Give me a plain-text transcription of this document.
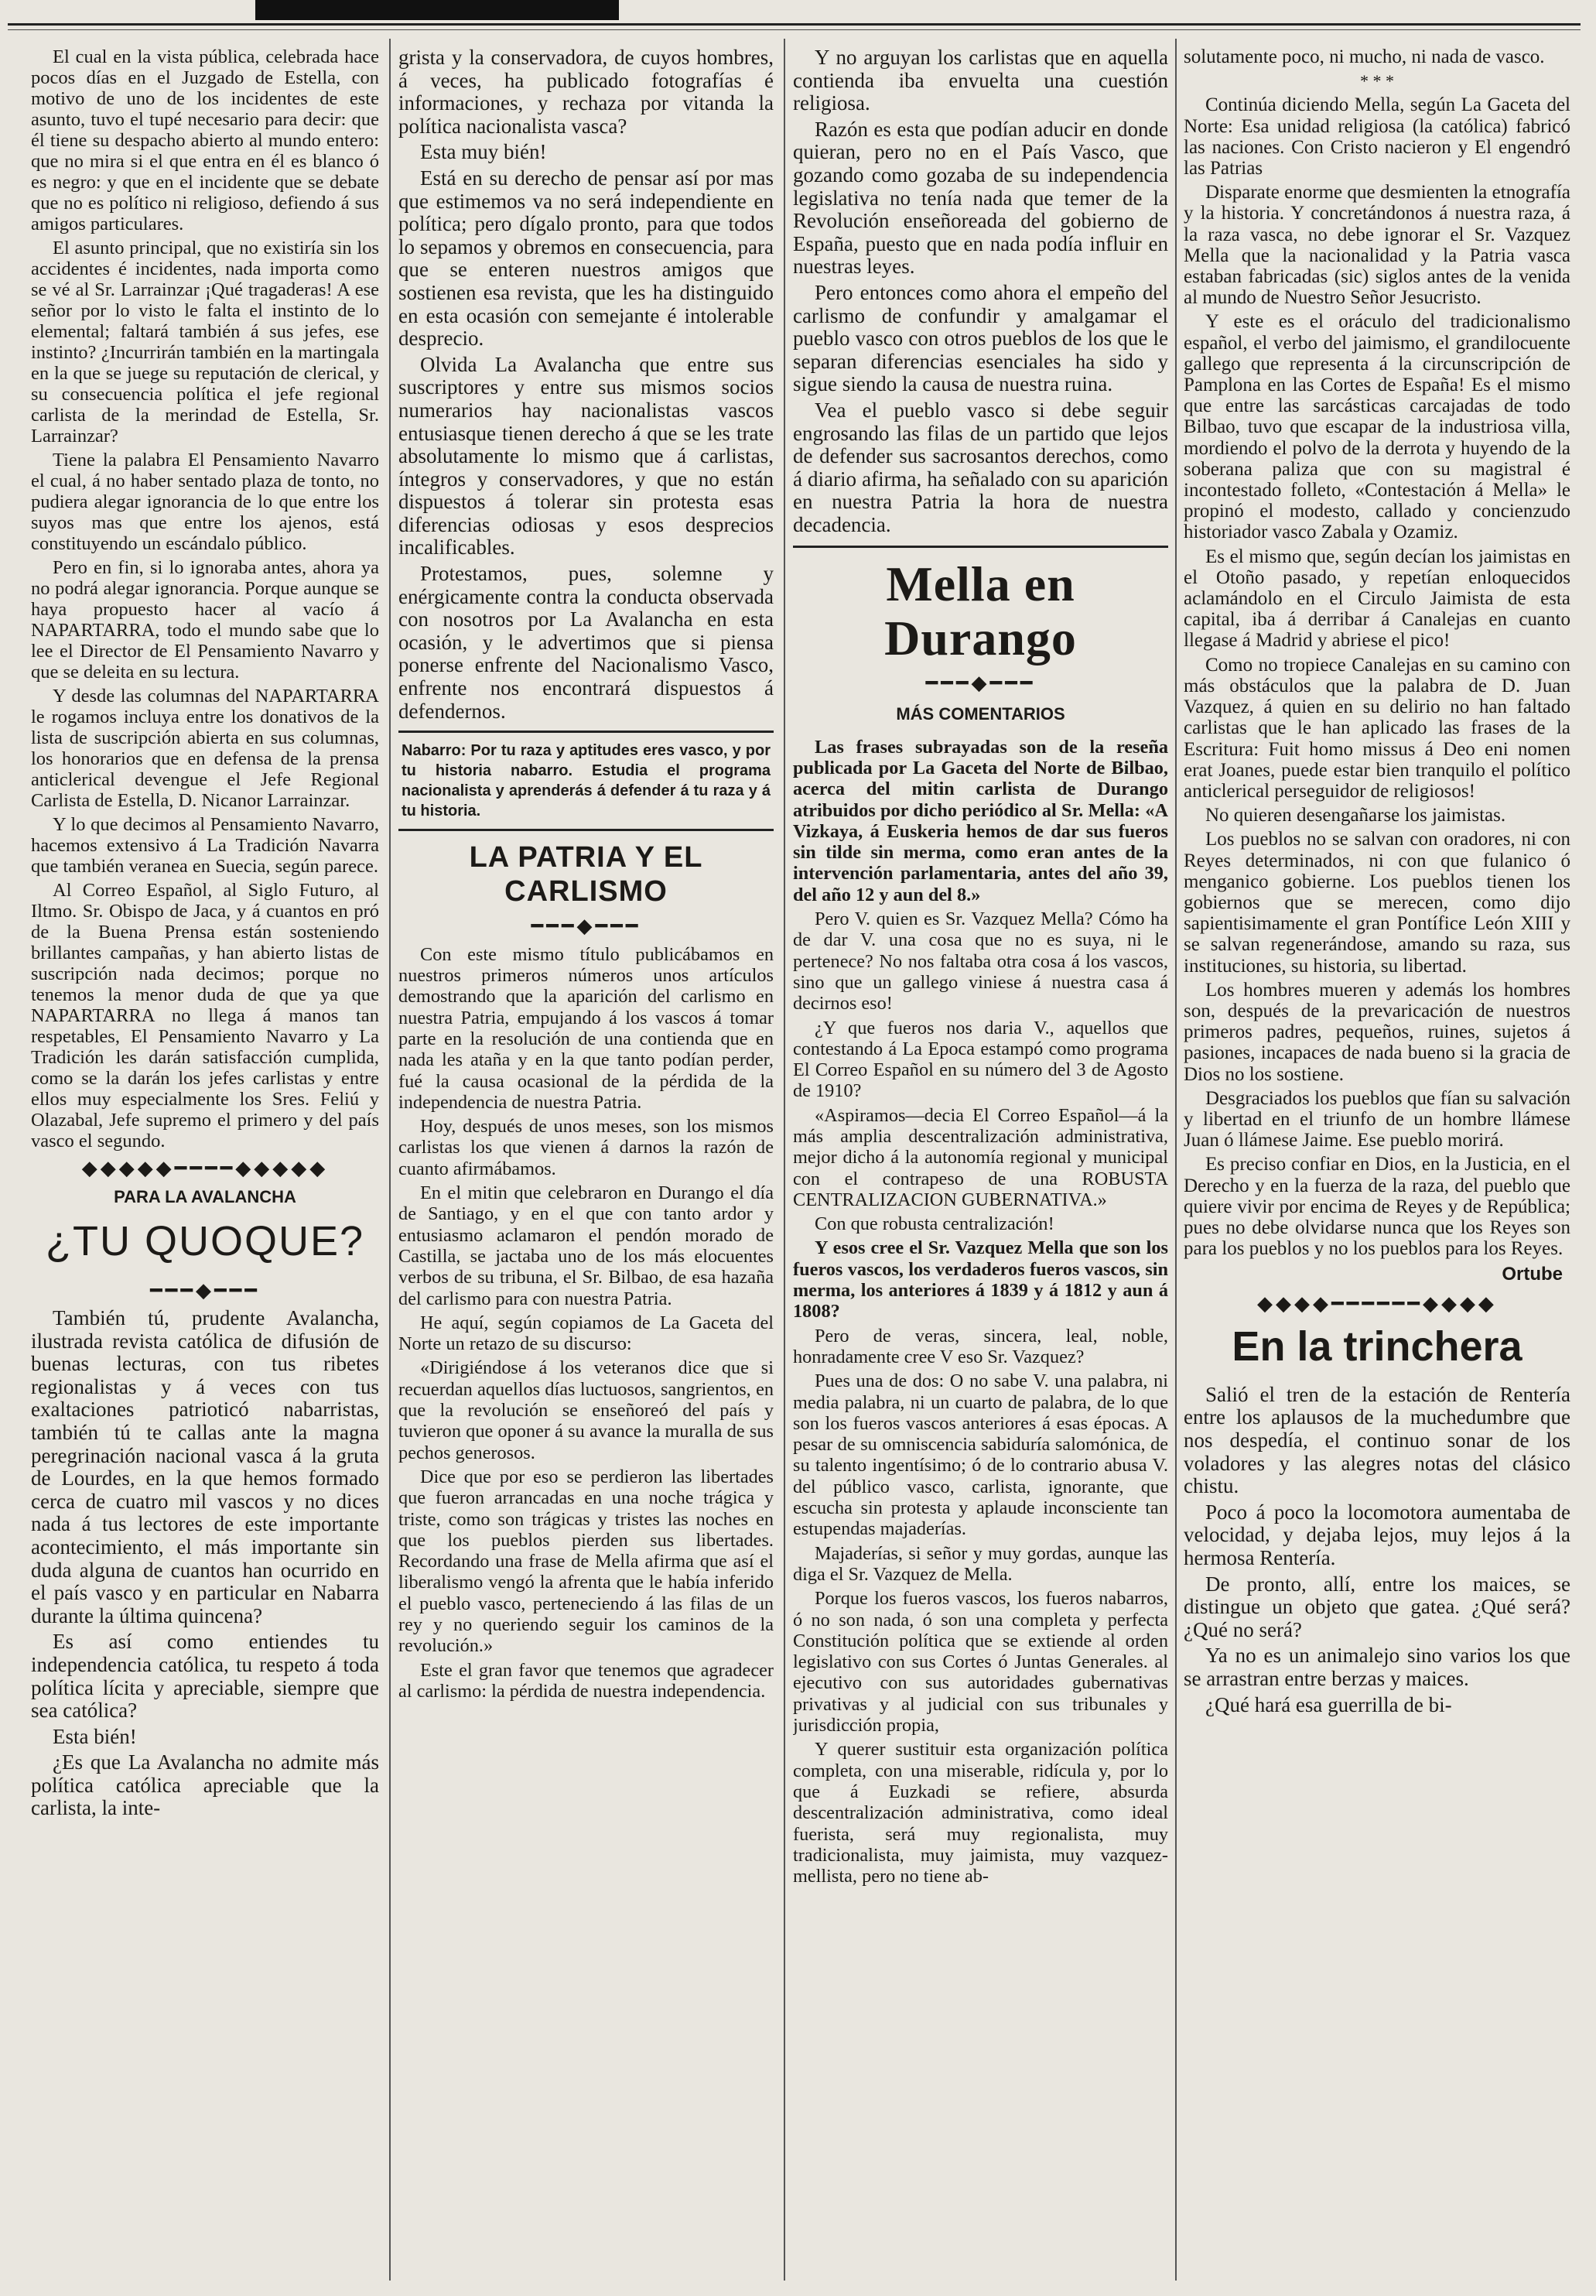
El cual en la vista pública, celebrada hace pocos días en el Juzgado de Estella, con motivo de uno de los incidentes de este asunto, tuvo el tupé necesario para decir: que él tiene su despacho abierto al mundo entero: que no mira si el que entra en él es blanco ó es negro: y que en el incidente que se debate que no es político ni religioso, defiendo á sus amigos particulares.

El asunto principal, que no existiría sin los accidentes é incidentes, nada importa como se vé al Sr. Larrainzar ¡Qué tragaderas! A ese señor por lo visto le falta el instinto de lo elemental; faltará también á sus jefes, ese instinto? ¿Incurrirán también en la martingala en la que se juege su reputación de clerical, y su consecuencia política el jefe regional carlista de la merindad de Estella, Sr. Larrainzar?

Tiene la palabra El Pensamiento Navarro el cual, á no haber sentado plaza de tonto, no pudiera alegar ignorancia de lo que entre los suyos mas que entre los ajenos, está constituyendo un escándalo público.

Pero en fin, si lo ignoraba antes, ahora ya no podrá alegar ignorancia. Porque aunque se haya propuesto hacer al vacío á NAPARTARRA, todo el mundo sabe que lo lee el Director de El Pensamiento Navarro y que se deleita en su lectura.

Y desde las columnas del NAPARTARRA le rogamos incluya entre los donativos de la lista de suscripción abierta en sus columnas, los honorarios que en defensa de la prensa anticlerical devengue el Jefe Regional Carlista de Estella, D. Nicanor Larrainzar.

Y lo que decimos al Pensamiento Navarro, hacemos extensivo á La Tradición Navarra que también veranea en Suecia, según parece.

Al Correo Español, al Siglo Futuro, al Iltmo. Sr. Obispo de Jaca, y á cuantos en pró de la Buena Prensa están sosteniendo brillantes campañas, y han abierto listas de suscripción nada decimos; porque no tenemos la menor duda de que ya que NAPARTARRA no llega á manos tan respetables, El Pensamiento Navarro y La Tradición les darán satisfacción cumplida, como se la darán los jefes carlistas y entre ellos muy especialmente los Sres. Feliú y Olazabal, Jefe supremo el primero y del país vasco el segundo.

◆◆◆◆◆━━━━◆◆◆◆◆
PARA LA AVALANCHA
¿TU QUOQUE?
━━━◆━━━

También tú, prudente Avalancha, ilustrada revista católica de difusión de buenas lecturas, con tus ribetes regionalistas y á veces con tus exaltaciones patrioticó nabarristas, también tú te callas ante la magna peregrinación nacional vasca á la gruta de Lourdes, en la que hemos formado cerca de cuatro mil vascos y no dices nada á tus lectores de este importante acontecimiento, el más importante sin duda alguna de cuantos han ocurrido en el país vasco y en particular en Nabarra durante la última quincena?

Es así como entiendes tu independencia católica, tu respeto á toda política lícita y apreciable, siempre que sea católica?

Esta bién!

¿Es que La Avalancha no admite más política católica apreciable que la carlista, la inte-

grista y la conservadora, de cuyos hombres, á veces, ha publicado fotografías é informaciones, y rechaza por vitanda la política nacionalista vasca?

Esta muy bién!

Está en su derecho de pensar así por mas que estimemos va no será independiente en política; pero dígalo pronto, para que todos lo sepamos y obremos en consecuencia, para que se enteren nuestros amigos que sostienen esa revista, que les ha distinguido en esta ocasión con semejante é intolerable desprecio.

Olvida La Avalancha que entre sus suscriptores y entre sus mismos socios numerarios hay nacionalistas vascos entusiasque tienen derecho á que se les trate absolutamente lo mismo que á carlistas, íntegros y conservadores, y que no están dispuestos á tolerar sin protesta esas diferencias odiosas y esos desprecios incalificables.

Protestamos, pues, solemne y enérgicamente contra la conducta observada con nosotros por La Avalancha en esta ocasión, y le advertimos que si piensa ponerse enfrente del Nacionalismo Vasco, enfrente nos encontrará dispuestos á defendernos.

Nabarro: Por tu raza y aptitudes eres vasco, y por tu historia nabarro. Estudia el programa nacionalista y aprenderás á defender á tu raza y á tu historia.
LA PATRIA Y EL CARLISMO
━━━◆━━━

Con este mismo título publicábamos en nuestros primeros números unos artículos demostrando que la aparición del carlismo en nuestra Patria, empujando á los vascos á tomar parte en la resolución de una contienda que en nada les ataña y en la que tanto podían perder, fué la causa ocasional de la pérdida de la independencia de nuestra Patria.

Hoy, después de unos meses, son los mismos carlistas los que vienen á darnos la razón de cuanto afirmábamos.

En el mitin que celebraron en Durango el día de Santiago, y en el que con tanto ardor y entusiasmo aclamaron el pendón morado de Castilla, se jactaba uno de los más elocuentes verbos de su tribuna, el Sr. Bilbao, de esa hazaña del carlismo para con nuestra Patria.

He aquí, según copiamos de La Gaceta del Norte un retazo de su discurso:

«Dirigiéndose á los veteranos dice que si recuerdan aquellos días luctuosos, sangrientos, en que la revolución se enseñoreó del país y tuvieron que oponer á su avance la muralla de sus pechos generosos.

Dice que por eso se perdieron las libertades que fueron arrancadas en una noche trágica y triste, como son trágicas y tristes las noches en que los pueblos pierden sus libertades. Recordando una frase de Mella afirma que así el liberalismo vengó la afrenta que le había inferido el pueblo vasco, perteneciendo á las filas de un rey y no queriendo seguir los caminos de la revolución.»

Este el gran favor que tenemos que agradecer al carlismo: la pérdida de nuestra independencia.

Y no arguyan los carlistas que en aquella contienda iba envuelta una cuestión religiosa.

Razón es esta que podían aducir en donde quieran, pero no en el País Vasco, que gozando como gozaba de su independencia legislativa no tenía nada que temer de la Revolución enseñoreada del gobierno de España, puesto que en nada podía influir en nuestras leyes.

Pero entonces como ahora el empeño del carlismo de confundir y amalgamar el pueblo vasco con otros pueblos de los que le separan diferencias esenciales ha sido y sigue siendo la causa de nuestra ruina.

Vea el pueblo vasco si debe seguir engrosando las filas de un partido que lejos de defender sus sacrosantos derechos, como á diario afirma, ha señalado con su aparición en nuestra Patria la hora de nuestra decadencia.

Mella en Durango
━━━◆━━━
MÁS COMENTARIOS

Las frases subrayadas son de la reseña publicada por La Gaceta del Norte de Bilbao, acerca del mitin carlista de Durango atribuidos por dicho periódico al Sr. Mella: «A Vizkaya, á Euskeria hemos de dar sus fueros sin tilde sin merma, como eran antes de la intervención parlamentaria, antes del año 39, del año 12 y aun del 8.»

Pero V. quien es Sr. Vazquez Mella? Cómo ha de dar V. una cosa que no es suya, ni le pertenece? No nos faltaba otra cosa á los vascos, sino que un gallego viniese á nuestra casa á decirnos eso!

¿Y que fueros nos daria V., aquellos que contestando á La Epoca estampó como programa El Correo Español en su número del 3 de Agosto de 1910?

«Aspiramos—decia El Correo Español—á la más amplia descentralización administrativa, mejor dicho á la autonomía regional y municipal con el contrapeso de una ROBUSTA CENTRALIZACION GUBERNATIVA.»

Con que robusta centralización!

Y esos cree el Sr. Vazquez Mella que son los fueros vascos, los verdaderos fueros vascos, sin merma, los anteriores á 1839 y á 1812 y aun á 1808?

Pero de veras, sincera, leal, noble, honradamente cree V eso Sr. Vazquez?

Pues una de dos: O no sabe V. una palabra, ni media palabra, ni un cuarto de palabra, de lo que son los fueros vascos anteriores á esas épocas. A pesar de su omniscencia sabiduría salomónica, de su talento ingentísimo; ó de lo contrario abusa V. del público vasco, carlista, ignorante, que escucha sin protesta y aplaude inconsciente tan estupendas majaderías.

Majaderías, si señor y muy gordas, aunque las diga el Sr. Vazquez de Mella.

Porque los fueros vascos, los fueros nabarros, ó no son nada, ó son una completa y perfecta Constitución política que se extiende al orden legislativo con sus Cortes ó Juntas Generales. al ejecutivo con sus autoridades gubernativas privativas y al judicial con sus tribunales y jurisdicción propia,

Y querer sustituir esta organización política completa, con una miserable, ridícula y, por lo que á Euzkadi se refiere, absurda descentralización administrativa, como ideal fuerista, será muy regionalista, muy tradicionalista, muy jaimista, muy vazquez-mellista, pero no tiene ab-

solutamente poco, ni mucho, ni nada de vasco.

* * *

Continúa diciendo Mella, según La Gaceta del Norte: Esa unidad religiosa (la católica) fabricó las naciones. Con Cristo nacieron y El engendró las Patrias

Disparate enorme que desmienten la etnografía y la historia. Y concretándonos á nuestra raza, á la raza vasca, no debe ignorar el Sr. Vazquez Mella que la nacionalidad y la Patria vasca estaban fabricadas (sic) siglos antes de la venida al mundo de Nuestro Señor Jesucristo.

Y este es el oráculo del tradicionalismo español, el verbo del jaimismo, el grandilocuente gallego que representa á la circunscripción de Pamplona en las Cortes de España! Es el mismo que entre las sarcásticas carcajadas de todo Bilbao, tuvo que escapar de la industriosa villa, mordiendo el polvo de la derrota y huyendo de la soberana paliza que con su magistral é incontestado folleto, «Contestación á Mella» le propinó el modesto, callado y concienzudo historiador vasco Zabala y Ozamiz.

Es el mismo que, según decían los jaimistas en el Otoño pasado, y repetían enloquecidos aclamándolo en el Circulo Jaimista de esta capital, iba á derribar á Canalejas en cuanto llegase á Madrid y abriese el pico!

Como no tropiece Canalejas en su camino con más obstáculos que la palabra de D. Juan Vazquez, á quien en su delirio no han faltado carlistas que le han aplicado las frases de la Escritura: Fuit homo missus á Deo eni nomen erat Joanes, puede estar bien tranquilo el político anticlerical perseguidor de religiosos!

No quieren desengañarse los jaimistas.

Los pueblos no se salvan con oradores, ni con Reyes determinados, ni con que fulanico ó menganico gobierne. Los pueblos tienen los gobiernos que se merecen, como dijo sapientisimamente el gran Pontífice León XIII y se salvan regenerándose, amando su raza, sus instituciones, su historia, su libertad.

Los hombres mueren y además los hombres son, después de la prevaricación de nuestros primeros padres, pequeños, ruines, sujetos á pasiones, incapaces de nada bueno si la gracia de Dios no los sostiene.

Desgraciados los pueblos que fían su salvación y libertad en el triunfo de un hombre llámese Juan ó llámese Jaime. Ese pueblo morirá.

Es preciso confiar en Dios, en la Justicia, en el Derecho y en la fuerza de la raza, del pueblo que quiere vivir por encima de Reyes y de República; pues no debe olvidarse nunca que los Reyes son para los pueblos y no los pueblos para los Reyes.

Ortube
◆◆◆◆━━━━━━◆◆◆◆
En la trinchera

Salió el tren de la estación de Rentería entre los aplausos de la muchedumbre que nos despedía, el continuo sonar de los voladores y las alegres notas del clásico chistu.

Poco á poco la locomotora aumentaba de velocidad, y dejaba lejos, muy lejos á la hermosa Rentería.

De pronto, allí, entre los maices, se distingue un objeto que gatea. ¿Qué será? ¿Qué no será?

Ya no es un animalejo sino varios los que se arrastran entre berzas y maices.

¿Qué hará esa guerrilla de bi-
